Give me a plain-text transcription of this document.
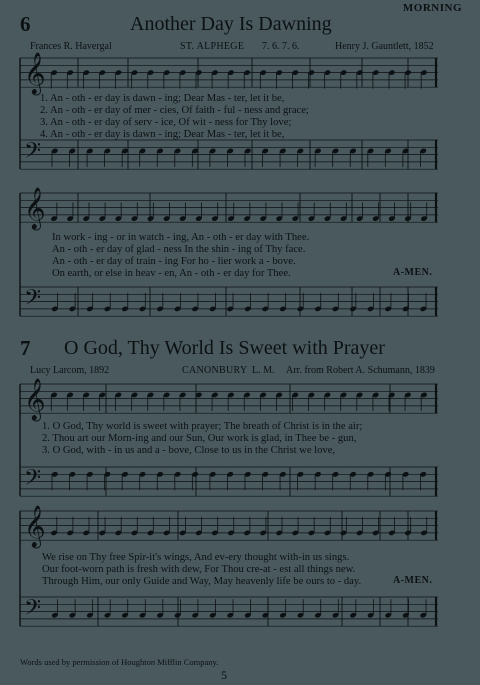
𝄞
𝄢
𝄞
𝄢
𝄞
𝄢
𝄞
𝄢
MORNING
6	Another Day Is Dawning
Frances R. Havergal	ST. ALPHEGE 7. 6. 7. 6.	Henry J. Gauntlett, 1852
1. An - oth - er day is dawn - ing; Dear Mas - ter, let it be,
2. An - oth - er day of mer - cies, Of faith - ful - ness and grace;
3. An - oth - er day of serv - ice, Of wit - ness for Thy love;
4. An - oth - er day is dawn - ing; Dear Mas - ter, let it be,
In work - ing - or in watch - ing, An - oth - er day with Thee.
An - oth - er day of glad - ness In the shin - ing of Thy face.
An - oth - er day of train - ing For ho - lier work a - bove.
On earth, or else in heav - en, An - oth - er day for Thee.	A-MEN.
7 O God, Thy World Is Sweet with Prayer
Lucy Larcom, 1892	CANONBURY L. M. Arr. from Robert A. Schumann, 1839
1. O God, Thy world is sweet with prayer; The breath of Christ is in the air;
2. Thou art our Morn-ing and our Sun, Our work is glad, in Thee be - gun,
3. O God, with - in us and a - bove, Close to us in the Christ we love,
We rise on Thy free Spir-it's wings, And ev-ery thought with-in us sings.
Our foot-worn path is fresh with dew, For Thou cre-at - est all things new.
Through Him, our only Guide and Way, May heavenly life be ours to - day.	A-MEN.
Words used by permission of Houghton Mifflin Company.
5
